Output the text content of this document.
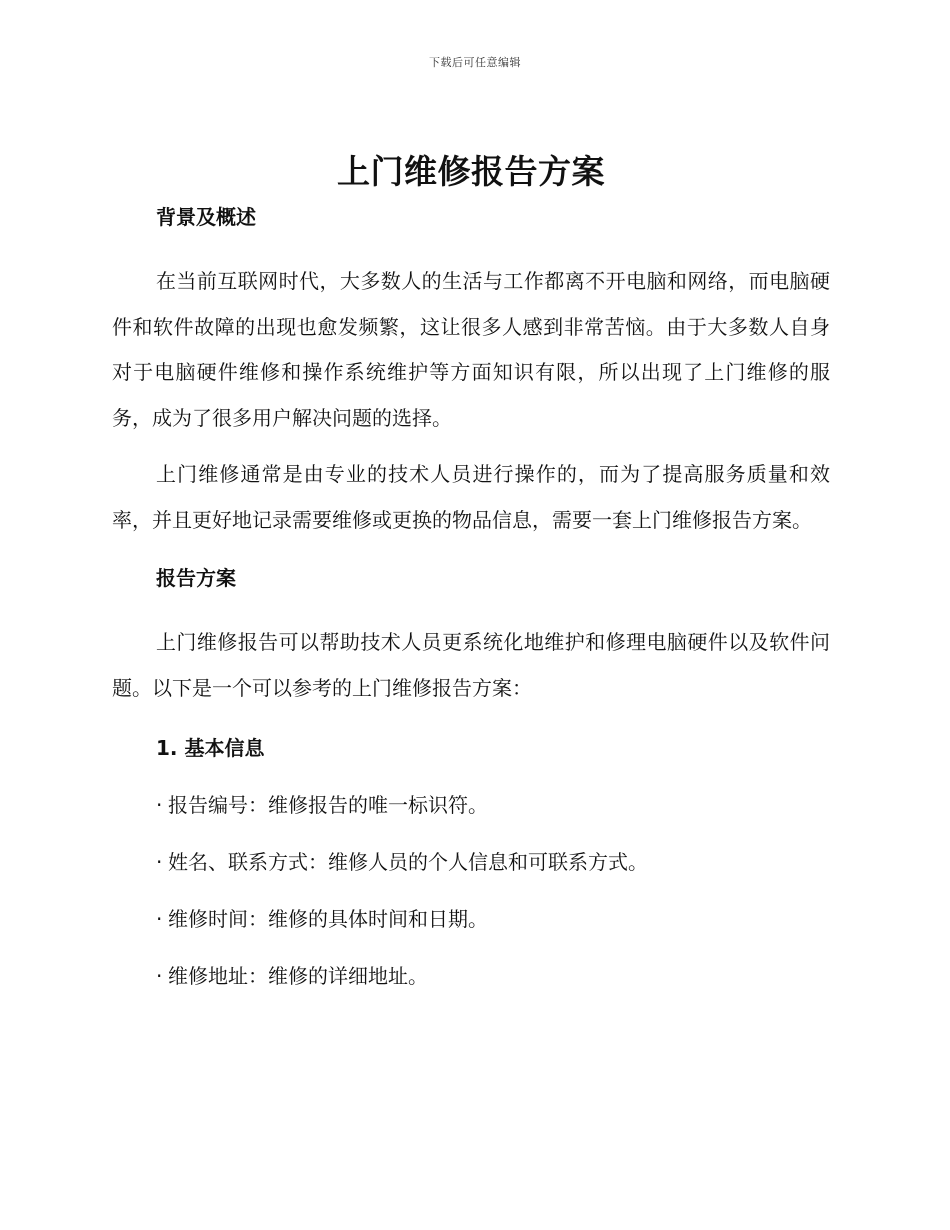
下载后可任意编辑
上门维修报告方案
背景及概述

在当前互联网时代，大多数人的生活与工作都离不开电脑和网络，而电脑硬件和软件故障的出现也愈发频繁，这让很多人感到非常苦恼。由于大多数人自身对于电脑硬件维修和操作系统维护等方面知识有限，所以出现了上门维修的服务，成为了很多用户解决问题的选择。

上门维修通常是由专业的技术人员进行操作的，而为了提高服务质量和效率，并且更好地记录需要维修或更换的物品信息，需要一套上门维修报告方案。

报告方案

上门维修报告可以帮助技术人员更系统化地维护和修理电脑硬件以及软件问题。以下是一个可以参考的上门维修报告方案：

1. 基本信息
· 报告编号：维修报告的唯一标识符。
· 姓名、联系方式：维修人员的个人信息和可联系方式。
· 维修时间：维修的具体时间和日期。
· 维修地址：维修的详细地址。
